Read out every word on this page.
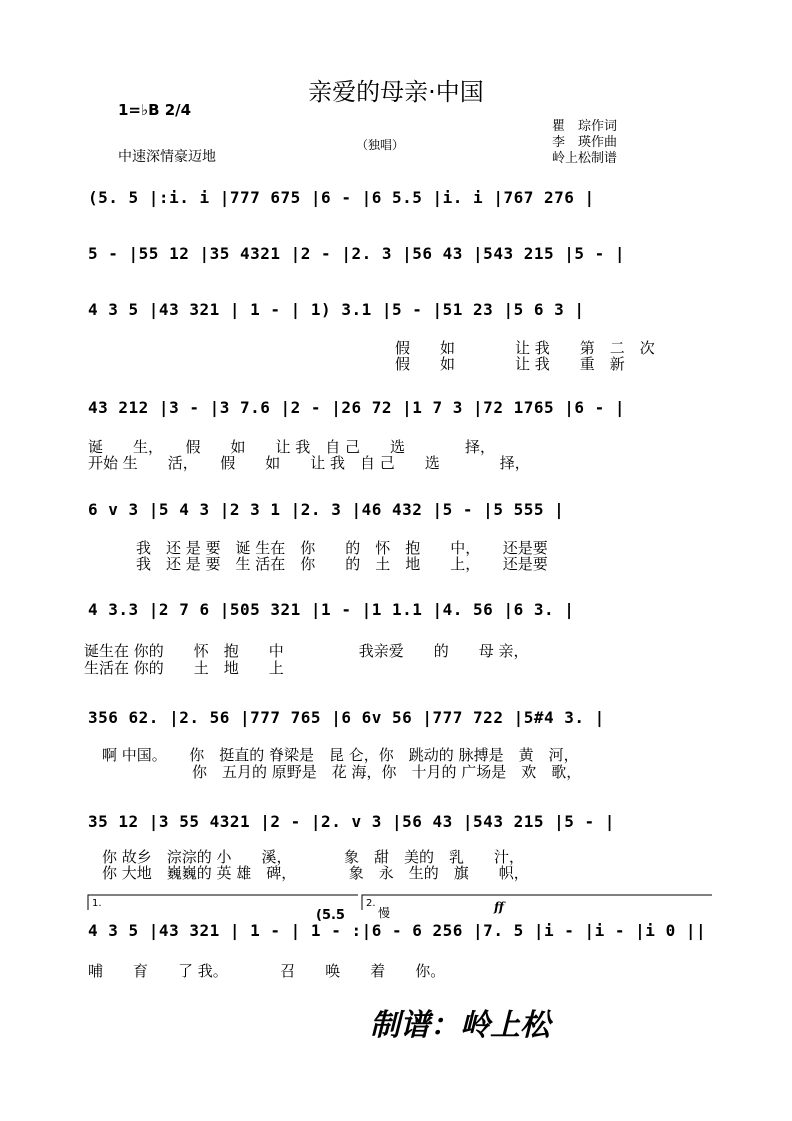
亲爱的母亲·中国
1=♭B 2/4
中速深情豪迈地
（独唱）
瞿　琮作词
李　瑛作曲
岭上松制谱
(5. 5 |:i. i |777 675 |6 - |6 5.5 |i. i |767 276 |
5 - |55 12 |35 4321 |2 - |2. 3 |56 43 |543 215 |5 - |
4 3 5 |43 321 | 1 - | 1) 3.1 |5 - |51 23 |5 6 3 |
假　　如　　　　让 我　　第　二　次
假　　如　　　　让 我　　重　新
43 212 |3 - |3 7.6 |2 - |26 72 |1 7 3 |72 1765 |6 - |
诞　　生，　　假　　如　　让 我　自 己　　选　　　　择，
开始 生　　活，　　假　　如　　让 我　自 己　　选　　　　择，
6 v 3 |5 4 3 |2 3 1 |2. 3 |46 432 |5 - |5 555 |
我　还 是 要　诞 生在　你　　的　怀　抱　　中，　　还是要
我　还 是 要　生 活在　你　　的　土　地　　上，　　还是要
4 3.3 |2 7 6 |505 321 |1 - |1 1.1 |4. 56 |6 3. |
诞生在 你的　　怀　抱　　中　　　　　我亲爱　　的　　母 亲，
生活在 你的　　土　地　　上
356 62. |2. 56 |777 765 |6 6v 56 |777 722 |5#4 3. |
啊 中国。　　你　挺直的 脊梁是　昆 仑，你　跳动的 脉搏是　黄　河，
　　　　　　你　五月的 原野是　花 海，你　十月的 广场是　欢　歌，
35 12 |3 55 4321 |2 - |2. v 3 |56 43 |543 215 |5 - |
你 故乡　淙淙的 小　　溪，　　　　象　甜　美的　乳　　汁，
你 大地　巍巍的 英 雄　碑，　　　　象　永　生的　旗　　帜，
4 3 5 |43 321 | 1 - | 1 - :|6 - 6 256 |7. 5 |i - |i - |i 0 ||
哺　　育　　了 我。　　　　召　　唤　　着　　你。
1.	2.
慢	ff
(5.5
制谱：岭上松
